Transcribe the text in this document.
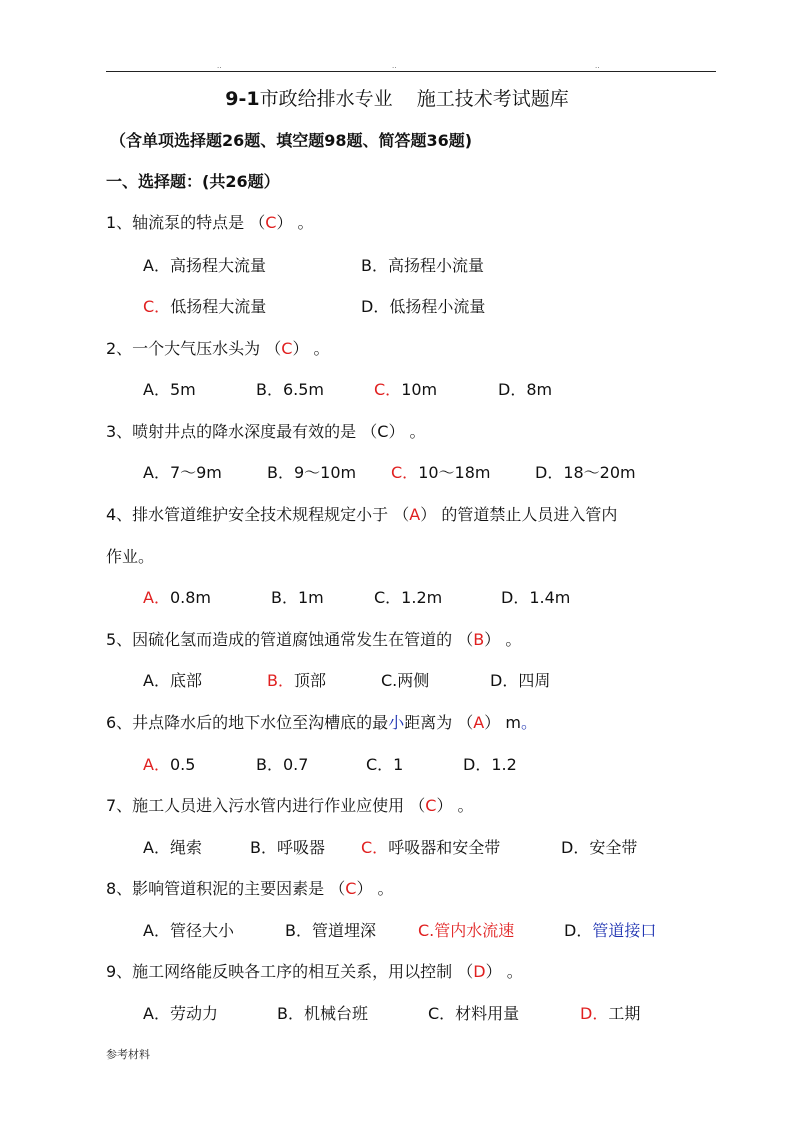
..	..	..
9-1市政给排水专业    施工技术考试题库
（含单项选择题26题、填空题98题、简答题36题)
一、选择题：(共26题）
1、轴流泵的特点是 （C） 。
A．高扬程大流量	B．高扬程小流量
C．低扬程大流量	D．低扬程小流量
2、一个大气压水头为 （C） 。
A．5m	B．6.5m	C．10m	D．8m
3、喷射井点的降水深度最有效的是 （C） 。
A．7～9m	B．9～10m C．10～18m	D．18～20m
4、排水管道维护安全技术规程规定小于 （A） 的管道禁止人员进入管内
作业。
A．0.8m	B．1m	C．1.2m	D．1.4m
5、因硫化氢而造成的管道腐蚀通常发生在管道的 （B） 。
A．底部	B．顶部	C.两侧	D．四周
6、井点降水后的地下水位至沟槽底的最小距离为 （A） m。
A．0.5	B．0.7	C．1	D．1.2
7、施工人员进入污水管内进行作业应使用 （C） 。
A．绳索	B．呼吸器 C．呼吸器和安全带	D．安全带
8、影响管道积泥的主要因素是 （C） 。
A．管径大小	B．管道埋深	C.管内水流速	D．管道接口
9、施工网络能反映各工序的相互关系，用以控制 （D） 。
A．劳动力	B．机械台班	C．材料用量	D．工期
参考材料
